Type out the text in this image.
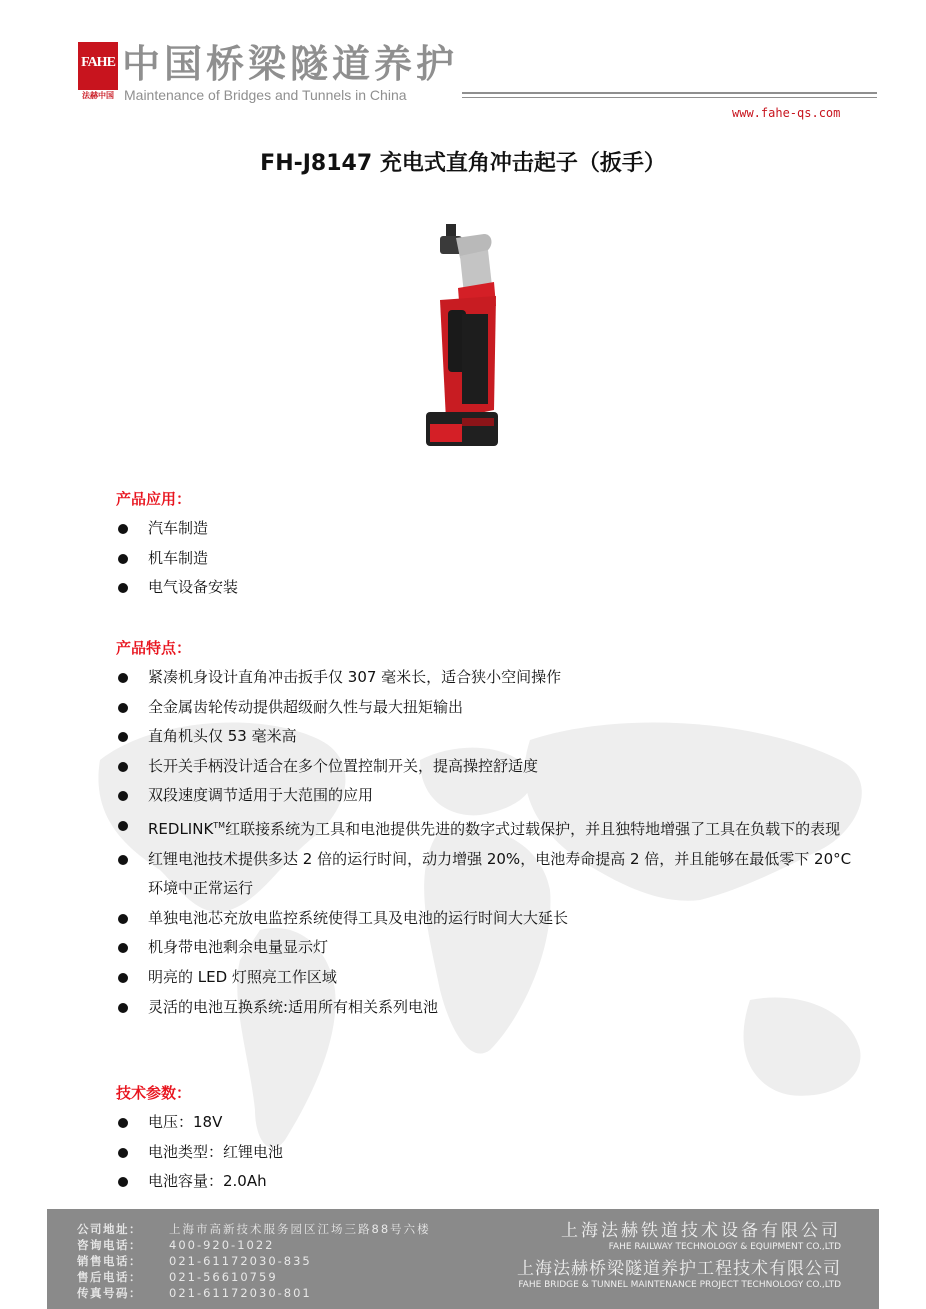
FAHE
法赫中国
中国桥梁隧道养护
Maintenance of Bridges and Tunnels in China
www.fahe-qs.com
FH-J8147 充电式直角冲击起子（扳手）
产品应用：
汽车制造
机车制造
电气设备安装
产品特点：
紧凑机身设计直角冲击扳手仅 307 毫米长，适合狭小空间操作
全金属齿轮传动提供超级耐久性与最大扭矩输出
直角机头仅 53 毫米高
长开关手柄没计适合在多个位置控制开关，提高操控舒适度
双段速度调节适用于大范围的应用
REDLINK™红联接系统为工具和电池提供先进的数字式过载保护，并且独特地增强了工具在负载下的表现
红锂电池技术提供多达 2 倍的运行时间，动力增强 20%，电池寿命提高 2 倍，并且能够在最低零下 20°C环境中正常运行
单独电池芯充放电监控系统使得工具及电池的运行时间大大延长
机身带电池剩余电量显示灯
明亮的 LED 灯照亮工作区域
灵活的电池互换系统:适用所有相关系列电池
技术参数：
电压：18V
电池类型：红锂电池
电池容量：2.0Ah
公司地址：	上海市高新技术服务园区江场三路88号六楼
咨询电话：	400-920-1022
销售电话：	021-61172030-835
售后电话：	021-56610759
传真号码：	021-61172030-801
上海法赫铁道技术设备有限公司
FAHE RAILWAY TECHNOLOGY & EQUIPMENT CO.,LTD
上海法赫桥梁隧道养护工程技术有限公司
FAHE BRIDGE & TUNNEL MAINTENANCE PROJECT TECHNOLOGY CO.,LTD
